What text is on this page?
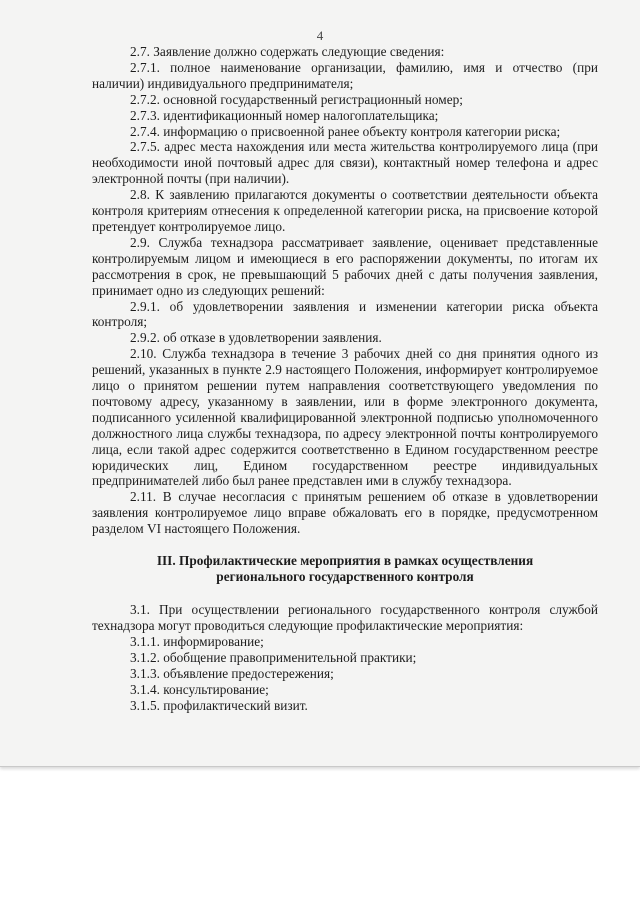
4

2.7. Заявление должно содержать следующие сведения:

2.7.1. полное наименование организации, фамилию, имя и отчество (при наличии) индивидуального предпринимателя;

2.7.2. основной государственный регистрационный номер;

2.7.3. идентификационный номер налогоплательщика;

2.7.4. информацию о присвоенной ранее объекту контроля категории риска;

2.7.5. адрес места нахождения или места жительства контролируемого лица (при необходимости иной почтовый адрес для связи), контактный номер телефона и адрес электронной почты (при наличии).

2.8. К заявлению прилагаются документы о соответствии деятельности объекта контроля критериям отнесения к определенной категории риска, на присвоение которой претендует контролируемое лицо.

2.9. Служба технадзора рассматривает заявление, оценивает представленные контролируемым лицом и имеющиеся в его распоряжении документы, по итогам их рассмотрения в срок, не превышающий 5 рабочих дней с даты получения заявления, принимает одно из следующих решений:

2.9.1. об удовлетворении заявления и изменении категории риска объекта контроля;

2.9.2. об отказе в удовлетворении заявления.

2.10. Служба технадзора в течение 3 рабочих дней со дня принятия одного из решений, указанных в пункте 2.9 настоящего Положения, информирует контролируемое лицо о принятом решении путем направления соответствующего уведомления по почтовому адресу, указанному в заявлении, или в форме электронного документа, подписанного усиленной квалифицированной электронной подписью уполномоченного должностного лица службы технадзора, по адресу электронной почты контролируемого лица, если такой адрес содержится соответственно в Едином государственном реестре юридических лиц, Едином государственном реестре индивидуальных предпринимателей либо был ранее представлен ими в службу технадзора.

2.11. В случае несогласия с принятым решением об отказе в удовлетворении заявления контролируемое лицо вправе обжаловать его в порядке, предусмотренном разделом VI настоящего Положения.

III. Профилактические мероприятия в рамках осуществления
регионального государственного контроля

3.1. При осуществлении регионального государственного контроля службой технадзора могут проводиться следующие профилактические мероприятия:

3.1.1. информирование;

3.1.2. обобщение правоприменительной практики;

3.1.3. объявление предостережения;

3.1.4. консультирование;

3.1.5. профилактический визит.
